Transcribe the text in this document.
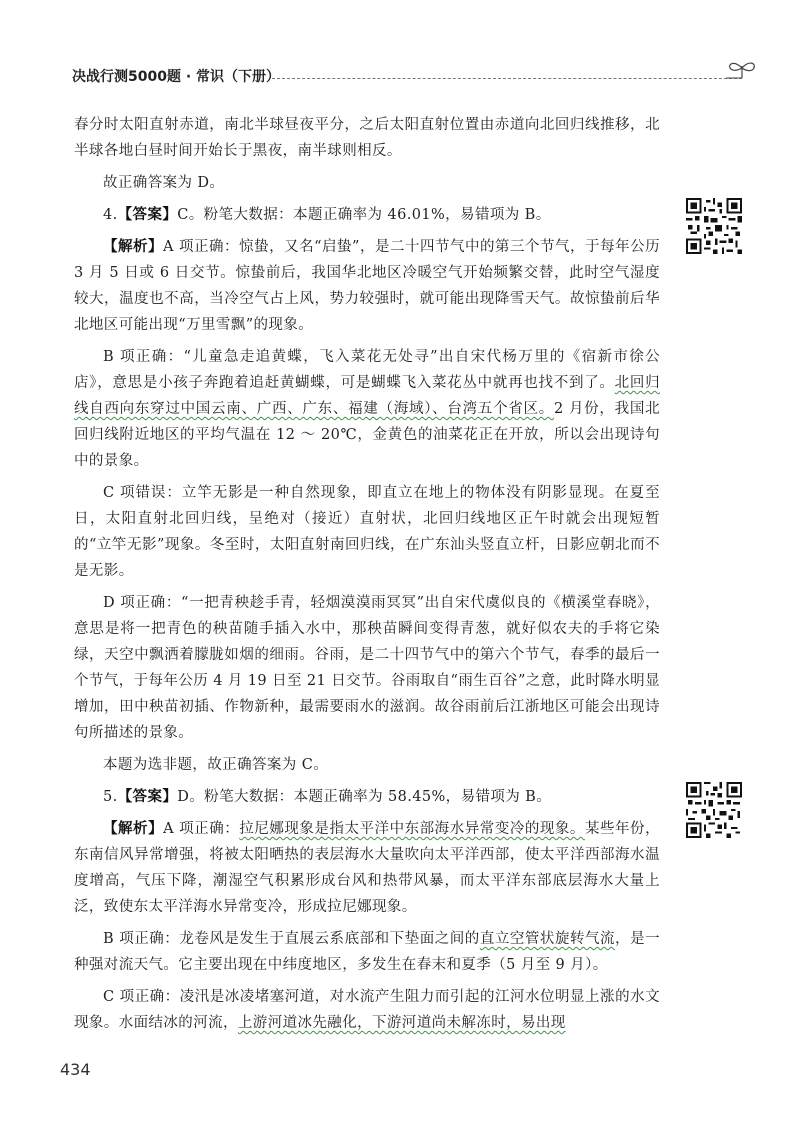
决战行测5000题 · 常识（下册）

春分时太阳直射赤道，南北半球昼夜平分，之后太阳直射位置由赤道向北回归线推移，北半球各地白昼时间开始长于黑夜，南半球则相反。

故正确答案为 D。

4.【答案】C。粉笔大数据：本题正确率为 46.01%，易错项为 B。

【解析】A 项正确：惊蛰，又名“启蛰”，是二十四节气中的第三个节气，于每年公历 3 月 5 日或 6 日交节。惊蛰前后，我国华北地区冷暖空气开始频繁交替，此时空气湿度较大，温度也不高，当冷空气占上风，势力较强时，就可能出现降雪天气。故惊蛰前后华北地区可能出现“万里雪飘”的现象。

B 项正确：“儿童急走追黄蝶，飞入菜花无处寻”出自宋代杨万里的《宿新市徐公店》，意思是小孩子奔跑着追赶黄蝴蝶，可是蝴蝶飞入菜花丛中就再也找不到了。北回归线自西向东穿过中国云南、广西、广东、福建（海域）、台湾五个省区。2 月份，我国北回归线附近地区的平均气温在 12 ～ 20℃，金黄色的油菜花正在开放，所以会出现诗句中的景象。

C 项错误：立竿无影是一种自然现象，即直立在地上的物体没有阴影显现。在夏至日，太阳直射北回归线，呈绝对（接近）直射状，北回归线地区正午时就会出现短暂的“立竿无影”现象。冬至时，太阳直射南回归线，在广东汕头竖直立杆，日影应朝北而不是无影。

D 项正确：“一把青秧趁手青，轻烟漠漠雨冥冥”出自宋代虞似良的《横溪堂春晓》，意思是将一把青色的秧苗随手插入水中，那秧苗瞬间变得青葱，就好似农夫的手将它染绿，天空中飘洒着朦胧如烟的细雨。谷雨，是二十四节气中的第六个节气，春季的最后一个节气，于每年公历 4 月 19 日至 21 日交节。谷雨取自“雨生百谷”之意，此时降水明显增加，田中秧苗初插、作物新种，最需要雨水的滋润。故谷雨前后江浙地区可能会出现诗句所描述的景象。

本题为选非题，故正确答案为 C。

5.【答案】D。粉笔大数据：本题正确率为 58.45%，易错项为 B。

【解析】A 项正确：拉尼娜现象是指太平洋中东部海水异常变冷的现象。某些年份，东南信风异常增强，将被太阳晒热的表层海水大量吹向太平洋西部，使太平洋西部海水温度增高，气压下降，潮湿空气积累形成台风和热带风暴，而太平洋东部底层海水大量上泛，致使东太平洋海水异常变冷，形成拉尼娜现象。

B 项正确：龙卷风是发生于直展云系底部和下垫面之间的直立空管状旋转气流，是一种强对流天气。它主要出现在中纬度地区，多发生在春末和夏季（5 月至 9 月）。

C 项正确：凌汛是冰凌堵塞河道，对水流产生阻力而引起的江河水位明显上涨的水文现象。水面结冰的河流，上游河道冰先融化，下游河道尚未解冻时，易出现

434
